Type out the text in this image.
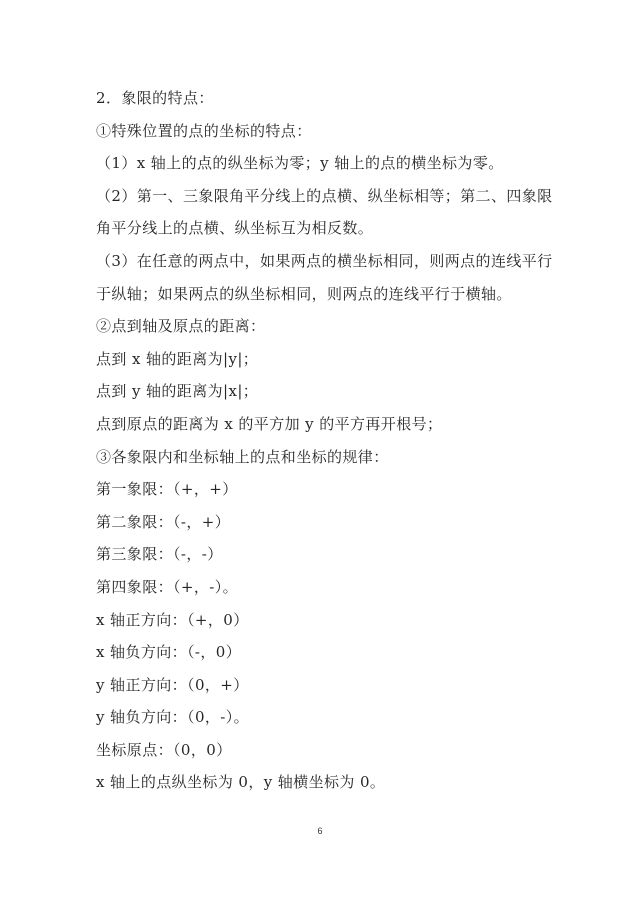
2．象限的特点：
①特殊位置的点的坐标的特点：
（1）x 轴上的点的纵坐标为零；y 轴上的点的横坐标为零。
（2）第一、三象限角平分线上的点横、纵坐标相等；第二、四象限
角平分线上的点横、纵坐标互为相反数。
（3）在任意的两点中，如果两点的横坐标相同，则两点的连线平行
于纵轴；如果两点的纵坐标相同，则两点的连线平行于横轴。
②点到轴及原点的距离：
点到 x 轴的距离为|y|；
点到 y 轴的距离为|x|；
点到原点的距离为 x 的平方加 y 的平方再开根号；
③各象限内和坐标轴上的点和坐标的规律：
第一象限：（+，+）
第二象限：（-，+）
第三象限：（-，-）
第四象限：（+，-）。
x 轴正方向：（+，0）
x 轴负方向：（-，0）
y 轴正方向：（0，+）
y 轴负方向：（0，-）。
坐标原点：（0，0）
x 轴上的点纵坐标为 0，y 轴横坐标为 0。
6
